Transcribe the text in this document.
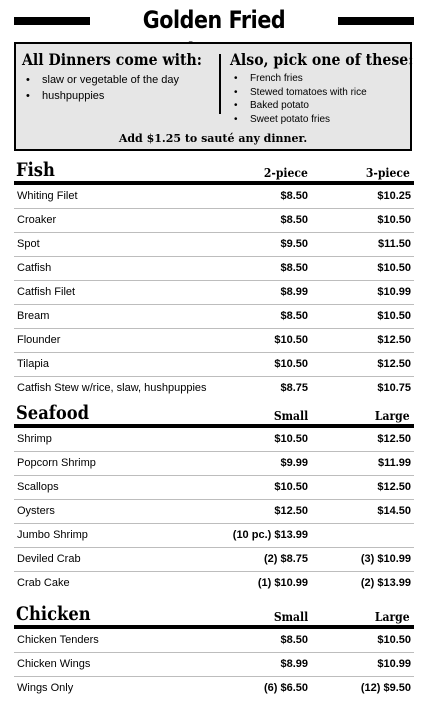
Golden Fried
All Dinners come with:
• slaw or vegetable of the day
• hushpuppies
Also, pick one of these:
• French fries
• Stewed tomatoes with rice
• Baked potato
• Sweet potato fries
Add $1.25 to sauté any dinner.
Fish	2-piece	3-piece
Whiting Filet	$8.50	$10.25
Croaker	$8.50	$10.50
Spot	$9.50	$11.50
Catfish	$8.50	$10.50
Catfish Filet	$8.99	$10.99
Bream	$8.50	$10.50
Flounder	$10.50	$12.50
Tilapia	$10.50	$12.50
Catfish Stew w/rice, slaw, hushpuppies	$8.75	$10.75
Seafood	Small	Large
Shrimp	$10.50	$12.50
Popcorn Shrimp	$9.99	$11.99
Scallops	$10.50	$12.50
Oysters	$12.50	$14.50
Jumbo Shrimp	(10 pc.) $13.99
Deviled Crab	(2) $8.75	(3) $10.99
Crab Cake	(1) $10.99	(2) $13.99
Chicken	Small	Large
Chicken Tenders	$8.50	$10.50
Chicken Wings	$8.99	$10.99
Wings Only	(6) $6.50	(12) $9.50
